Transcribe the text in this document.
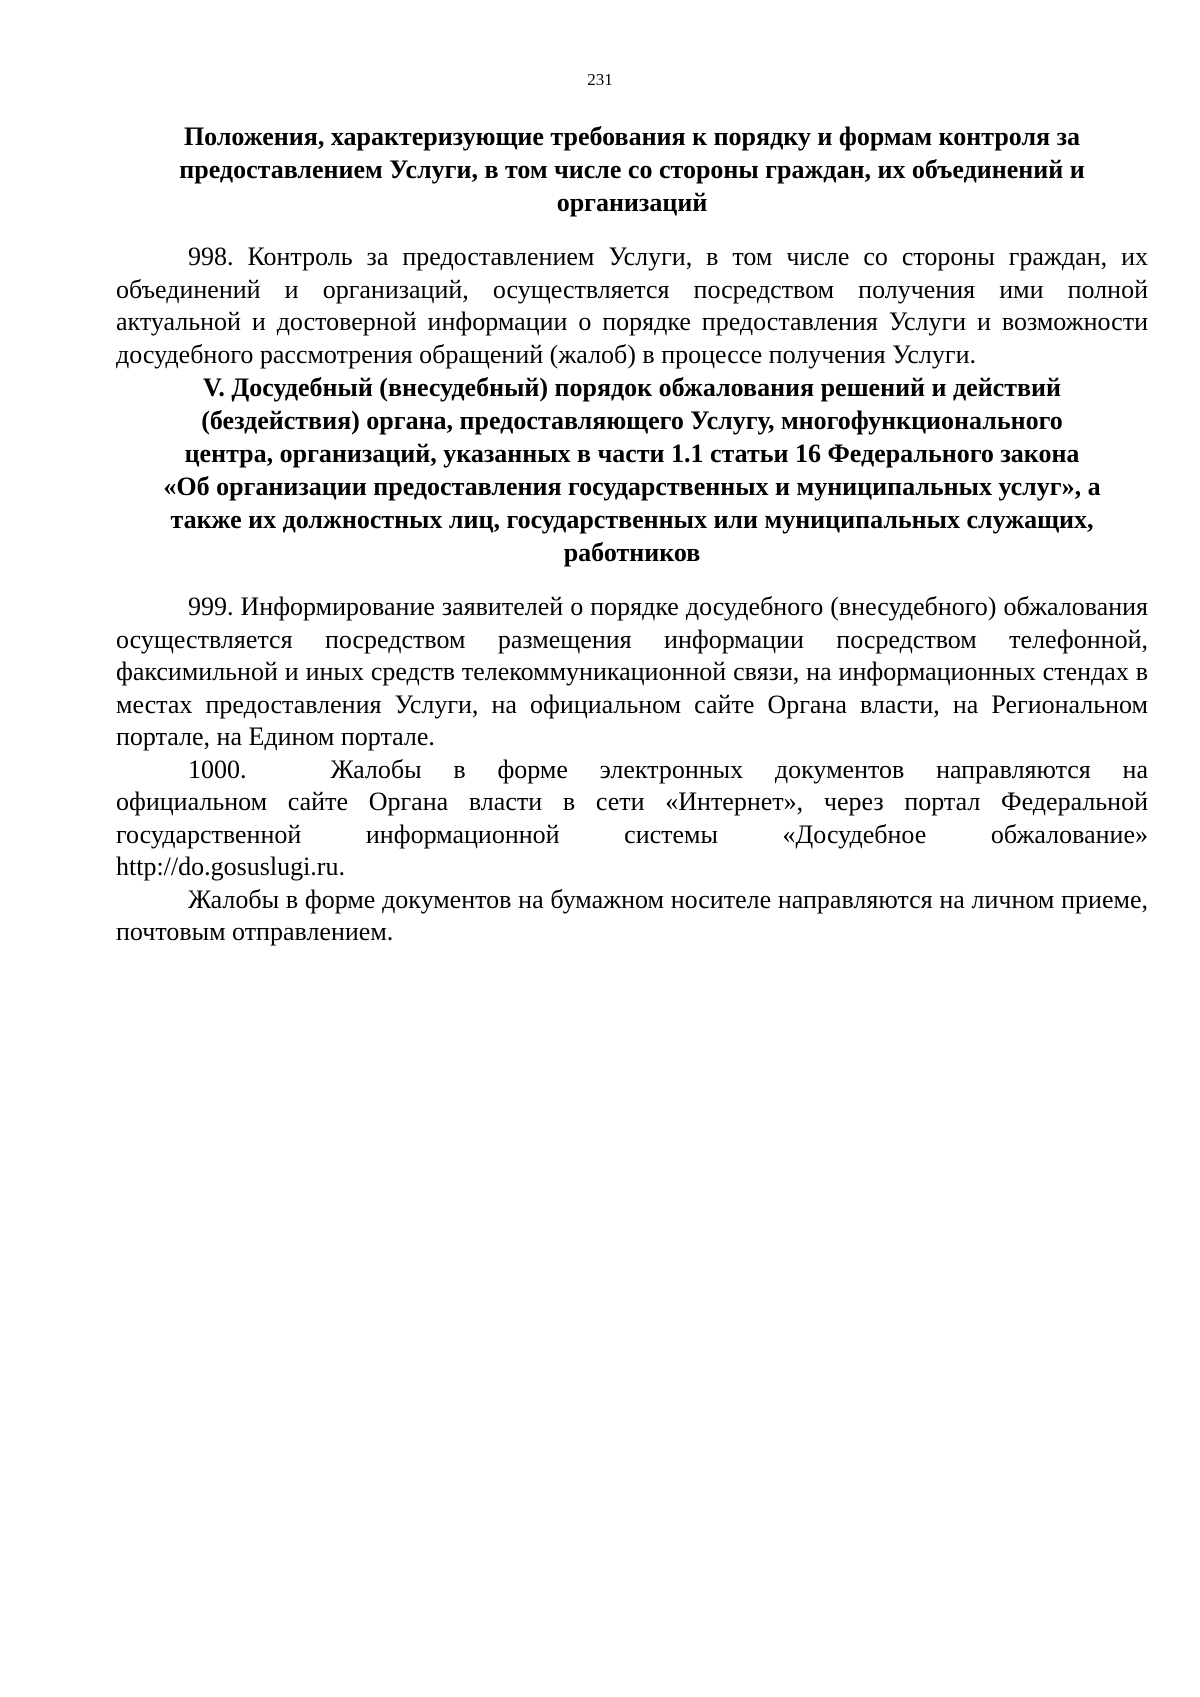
231
Положения, характеризующие требования к порядку и формам контроля за
предоставлением Услуги, в том числе со стороны граждан, их объединений и
организаций

998. Контроль за предоставлением Услуги, в том числе со стороны граждан, их объединений и организаций, осуществляется посредством получения ими полной актуальной и достоверной информации о порядке предоставления Услуги и возможности досудебного рассмотрения обращений (жалоб) в процессе получения Услуги.

V. Досудебный (внесудебный) порядок обжалования решений и действий
(бездействия) органа, предоставляющего Услугу, многофункционального
центра, организаций, указанных в части 1.1 статьи 16 Федерального закона
«Об организации предоставления государственных и муниципальных услуг», а
также их должностных лиц, государственных или муниципальных служащих,
работников

999. Информирование заявителей о порядке досудебного (внесудебного) обжалования осуществляется посредством размещения информации посредством телефонной, факсимильной и иных средств телекоммуникационной связи, на информационных стендах в местах предоставления Услуги, на официальном сайте Органа власти, на Региональном портале, на Едином портале.

1000.	Жалобы в форме электронных документов направляются на официальном сайте Органа власти в сети «Интернет», через портал Федеральной государственной информационной системы «Досудебное обжалование» http://do.gosuslugi.ru.

Жалобы в форме документов на бумажном носителе направляются на личном приеме, почтовым отправлением.
